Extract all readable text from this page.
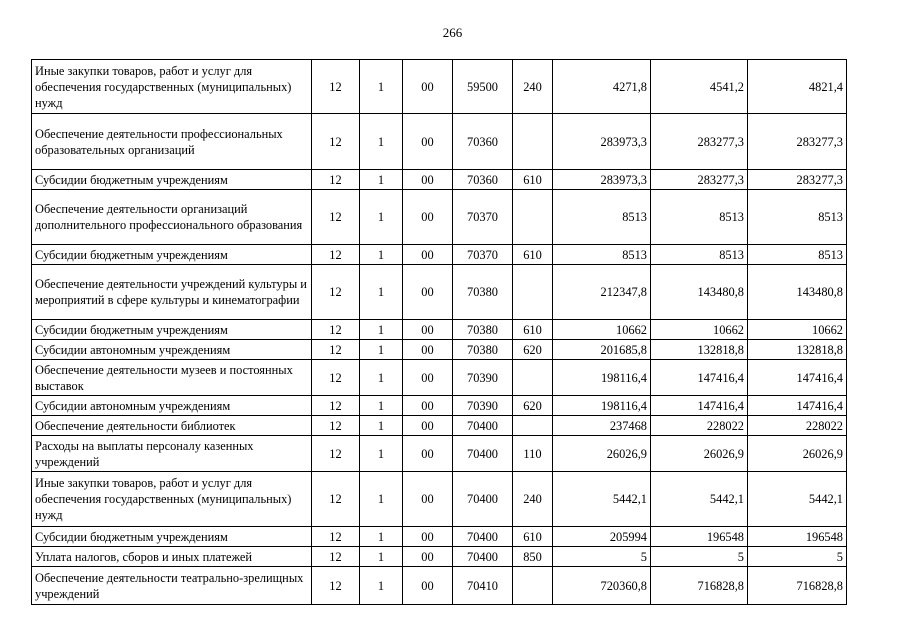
266
Иные закупки товаров, работ и услуг для обеспечения государственных (муниципальных) нужд	12	1	00	59500	240	4271,8	4541,2	4821,4
Обеспечение деятельности профессиональных образовательных организаций	12	1	00	70360		283973,3	283277,3	283277,3
Субсидии бюджетным учреждениям	12	1	00	70360	610	283973,3	283277,3	283277,3
Обеспечение деятельности организаций дополнительного профессионального образования	12	1	00	70370		8513	8513	8513
Субсидии бюджетным учреждениям	12	1	00	70370	610	8513	8513	8513
Обеспечение деятельности учреждений культуры и мероприятий в сфере культуры и кинематографии	12	1	00	70380		212347,8	143480,8	143480,8
Субсидии бюджетным учреждениям	12	1	00	70380	610	10662	10662	10662
Субсидии автономным учреждениям	12	1	00	70380	620	201685,8	132818,8	132818,8
Обеспечение деятельности музеев и постоянных выставок	12	1	00	70390		198116,4	147416,4	147416,4
Субсидии автономным учреждениям	12	1	00	70390	620	198116,4	147416,4	147416,4
Обеспечение деятельности библиотек	12	1	00	70400		237468	228022	228022
Расходы на выплаты персоналу казенных учреждений	12	1	00	70400	110	26026,9	26026,9	26026,9
Иные закупки товаров, работ и услуг для обеспечения государственных (муниципальных) нужд	12	1	00	70400	240	5442,1	5442,1	5442,1
Субсидии бюджетным учреждениям	12	1	00	70400	610	205994	196548	196548
Уплата налогов, сборов и иных платежей	12	1	00	70400	850	5	5	5
Обеспечение деятельности театрально-зрелищных учреждений	12	1	00	70410		720360,8	716828,8	716828,8
